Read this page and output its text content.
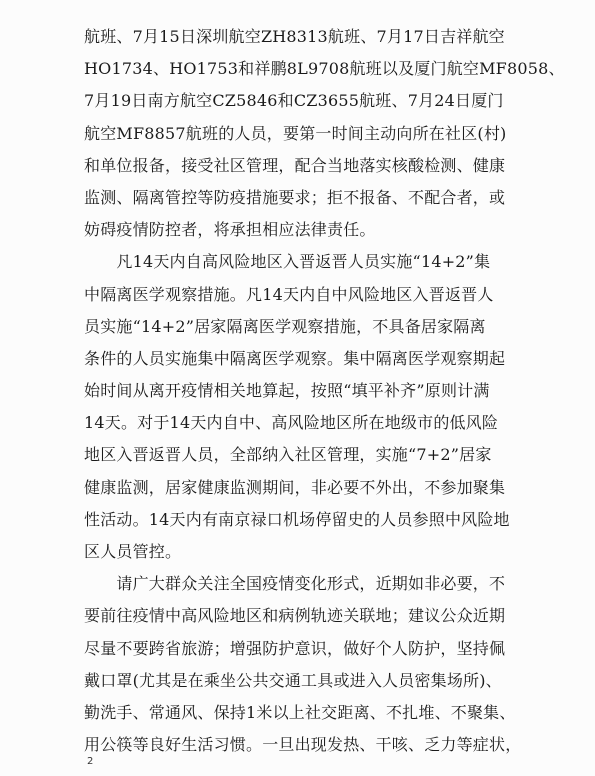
航班、7月15日深圳航空ZH8313航班、7月17日吉祥航空
HO1734、HO1753和祥鹏8L9708航班以及厦门航空MF8058、
7月19日南方航空CZ5846和CZ3655航班、7月24日厦门
航空MF8857航班的人员，要第一时间主动向所在社区(村)
和单位报备，接受社区管理，配合当地落实核酸检测、健康
监测、隔离管控等防疫措施要求；拒不报备、不配合者，或
妨碍疫情防控者，将承担相应法律责任。
　　凡14天内自高风险地区入晋返晋人员实施“14+2”集
中隔离医学观察措施。凡14天内自中风险地区入晋返晋人
员实施“14+2”居家隔离医学观察措施，不具备居家隔离
条件的人员实施集中隔离医学观察。集中隔离医学观察期起
始时间从离开疫情相关地算起，按照“填平补齐”原则计满
14天。对于14天内自中、高风险地区所在地级市的低风险
地区入晋返晋人员，全部纳入社区管理，实施“7+2”居家
健康监测，居家健康监测期间，非必要不外出，不参加聚集
性活动。14天内有南京禄口机场停留史的人员参照中风险地
区人员管控。
　　请广大群众关注全国疫情变化形式，近期如非必要，不
要前往疫情中高风险地区和病例轨迹关联地；建议公众近期
尽量不要跨省旅游；增强防护意识，做好个人防护，坚持佩
戴口罩(尤其是在乘坐公共交通工具或进入人员密集场所)、
勤洗手、常通风、保持1米以上社交距离、不扎堆、不聚集、
用公筷等良好生活习惯。一旦出现发热、干咳、乏力等症状，
2
